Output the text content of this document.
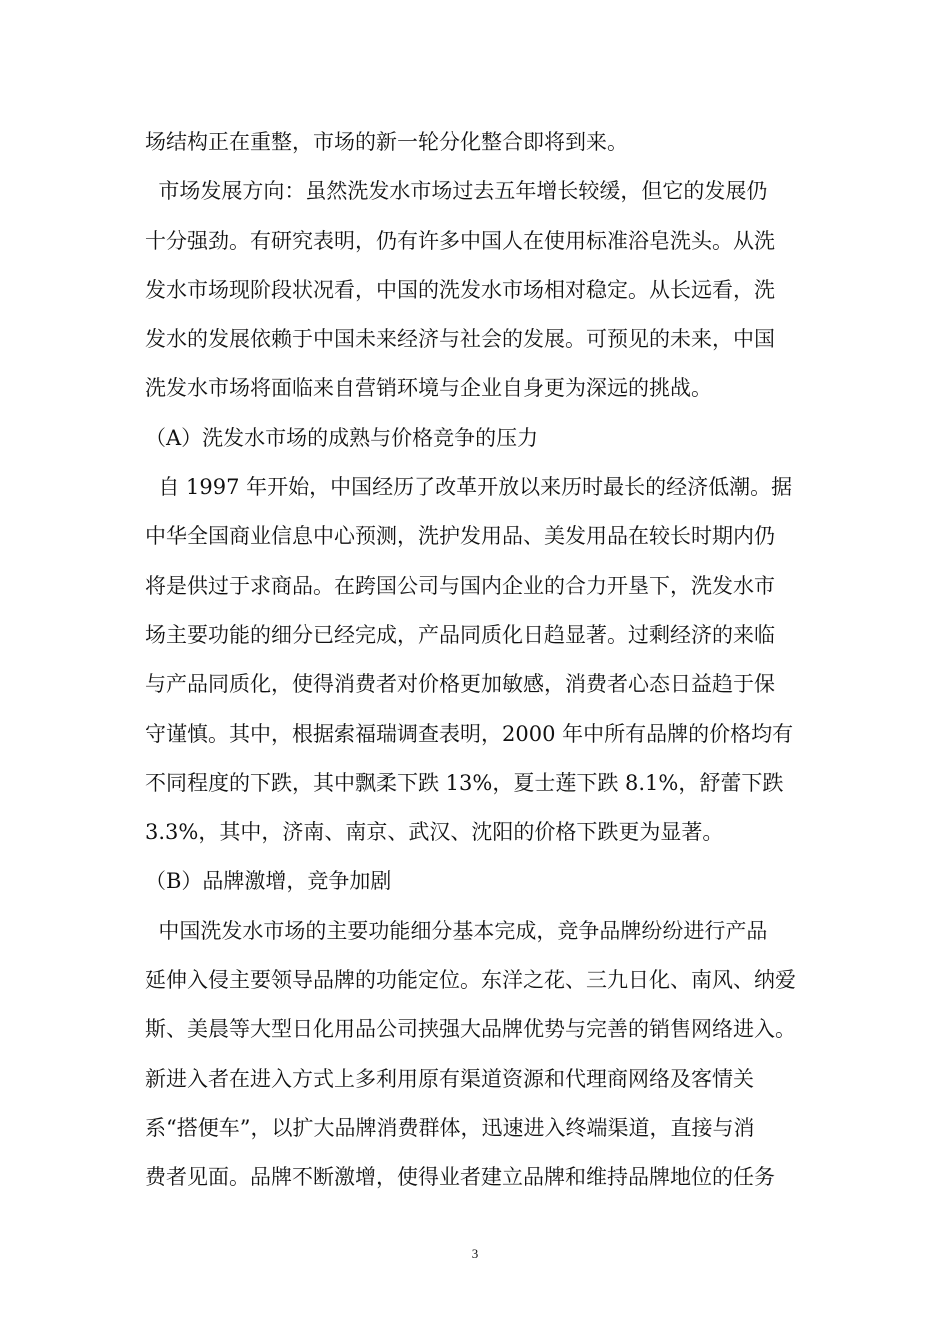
场结构正在重整，市场的新一轮分化整合即将到来。
市场发展方向：虽然洗发水市场过去五年增长较缓，但它的发展仍
十分强劲。有研究表明，仍有许多中国人在使用标准浴皂洗头。从洗
发水市场现阶段状况看，中国的洗发水市场相对稳定。从长远看，洗
发水的发展依赖于中国未来经济与社会的发展。可预见的未来，中国
洗发水市场将面临来自营销环境与企业自身更为深远的挑战。
（A）洗发水市场的成熟与价格竞争的压力
自 1997 年开始，中国经历了改革开放以来历时最长的经济低潮。据
中华全国商业信息中心预测，洗护发用品、美发用品在较长时期内仍
将是供过于求商品。在跨国公司与国内企业的合力开垦下，洗发水市
场主要功能的细分已经完成，产品同质化日趋显著。过剩经济的来临
与产品同质化，使得消费者对价格更加敏感，消费者心态日益趋于保
守谨慎。其中，根据索福瑞调查表明，2000 年中所有品牌的价格均有
不同程度的下跌，其中飘柔下跌 13%，夏士莲下跌 8.1%，舒蕾下跌
3.3%，其中，济南、南京、武汉、沈阳的价格下跌更为显著。
（B）品牌激增，竞争加剧
中国洗发水市场的主要功能细分基本完成，竞争品牌纷纷进行产品
延伸入侵主要领导品牌的功能定位。东洋之花、三九日化、南风、纳爱
斯、美晨等大型日化用品公司挟强大品牌优势与完善的销售网络进入。
新进入者在进入方式上多利用原有渠道资源和代理商网络及客情关
系“搭便车”，以扩大品牌消费群体，迅速进入终端渠道，直接与消
费者见面。品牌不断激增，使得业者建立品牌和维持品牌地位的任务
3
